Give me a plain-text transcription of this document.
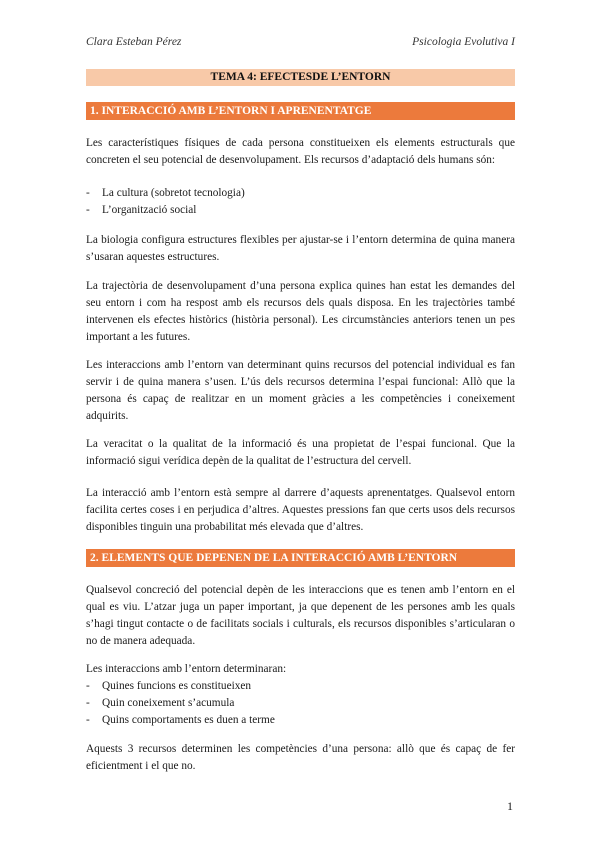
Clara Esteban Pérez	Psicologia Evolutiva I
TEMA 4: EFECTESDE L’ENTORN
1. INTERACCIÓ AMB L’ENTORN I APRENENTATGE
Les característiques físiques de cada persona constitueixen els elements estructurals que concreten el seu potencial de desenvolupament. Els recursos d’adaptació dels humans són:
- La cultura (sobretot tecnologia)
- L’organització social
La biologia configura estructures flexibles per ajustar-se i l’entorn determina de quina manera s’usaran aquestes estructures.
La trajectòria de desenvolupament d’una persona explica quines han estat les demandes del seu entorn i com ha respost amb els recursos dels quals disposa. En les trajectòries també intervenen els efectes històrics (història personal). Les circumstàncies anteriors tenen un pes important a les futures.
Les interaccions amb l’entorn van determinant quins recursos del potencial individual es fan servir i de quina manera s’usen. L’ús dels recursos determina l’espai funcional: Allò que la persona és capaç de realitzar en un moment gràcies a les competències i coneixement adquirits.
La veracitat o la qualitat de la informació és una propietat de l’espai funcional. Que la informació sigui verídica depèn de la qualitat de l’estructura del cervell.
La interacció amb l’entorn està sempre al darrere d’aquests aprenentatges. Qualsevol entorn facilita certes coses i en perjudica d’altres. Aquestes pressions fan que certs usos dels recursos disponibles tinguin una probabilitat més elevada que d’altres.
2. ELEMENTS QUE DEPENEN DE LA INTERACCIÓ AMB L’ENTORN
Qualsevol concreció del potencial depèn de les interaccions que es tenen amb l’entorn en el qual es viu. L’atzar juga un paper important, ja que depenent de les persones amb les quals s’hagi tingut contacte o de facilitats socials i culturals, els recursos disponibles s’articularan o no de manera adequada.
Les interaccions amb l’entorn determinaran:
- Quines funcions es constitueixen
- Quin coneixement s’acumula
- Quins comportaments es duen a terme
Aquests 3 recursos determinen les competències d’una persona: allò que és capaç de fer eficientment i el que no.
1
